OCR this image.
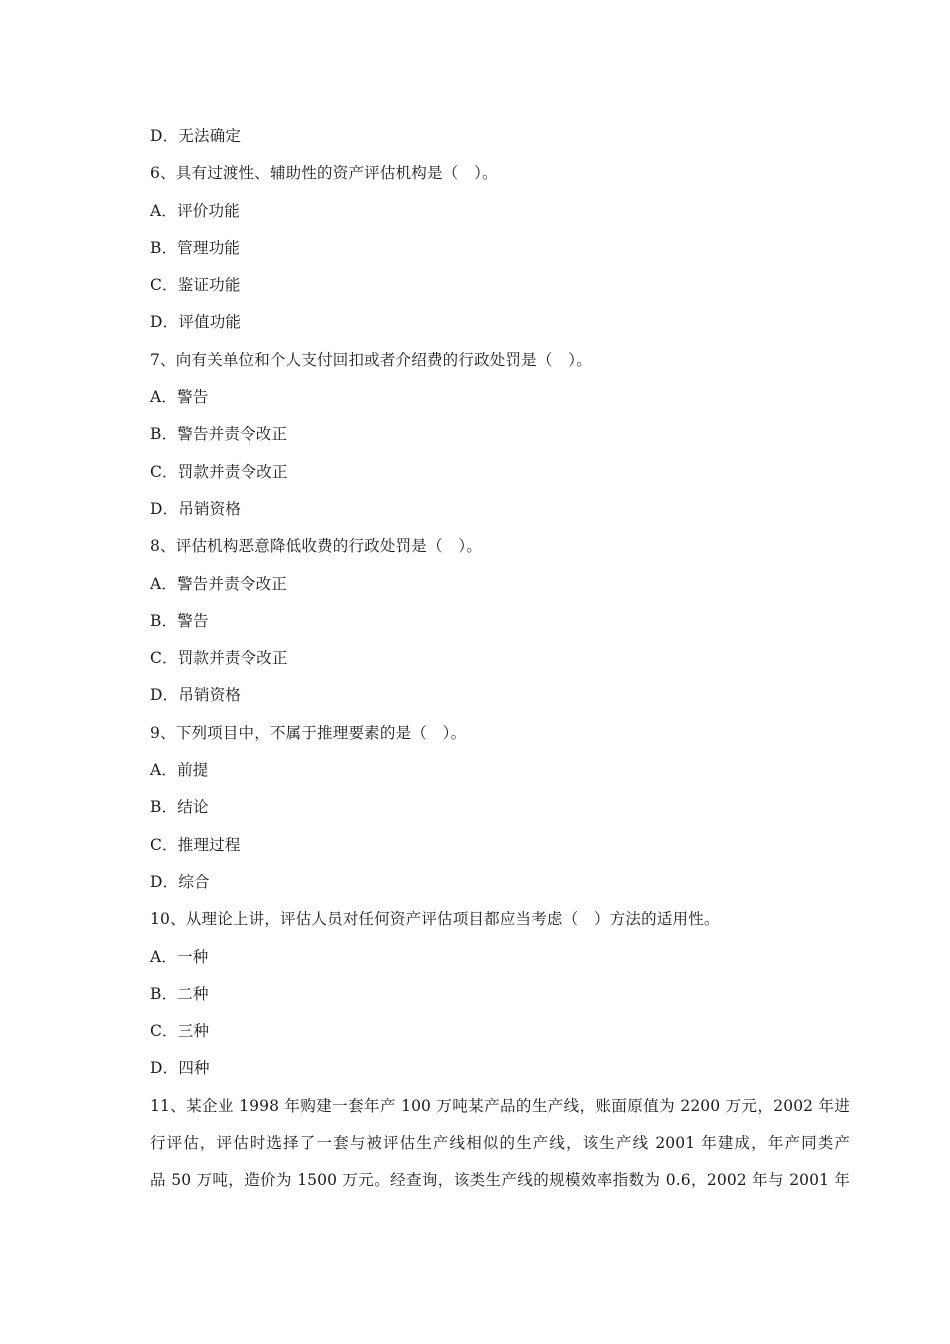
D．无法确定
6、具有过渡性、辅助性的资产评估机构是（　）。
A．评价功能
B．管理功能
C．鉴证功能
D．评值功能
7、向有关单位和个人支付回扣或者介绍费的行政处罚是（　）。
A．警告
B．警告并责令改正
C．罚款并责令改正
D．吊销资格
8、评估机构恶意降低收费的行政处罚是（　）。
A．警告并责令改正
B．警告
C．罚款并责令改正
D．吊销资格
9、下列项目中，不属于推理要素的是（　）。
A．前提
B．结论
C．推理过程
D．综合
10、从理论上讲，评估人员对任何资产评估项目都应当考虑（　）方法的适用性。
A．一种
B．二种
C．三种
D．四种
11、某企业 1998 年购建一套年产 100 万吨某产品的生产线，账面原值为 2200 万元，2002 年进
行评估，评估时选择了一套与被评估生产线相似的生产线，该生产线 2001 年建成，年产同类产
品 50 万吨，造价为 1500 万元。经查询，该类生产线的规模效率指数为 0.6，2002 年与 2001 年
